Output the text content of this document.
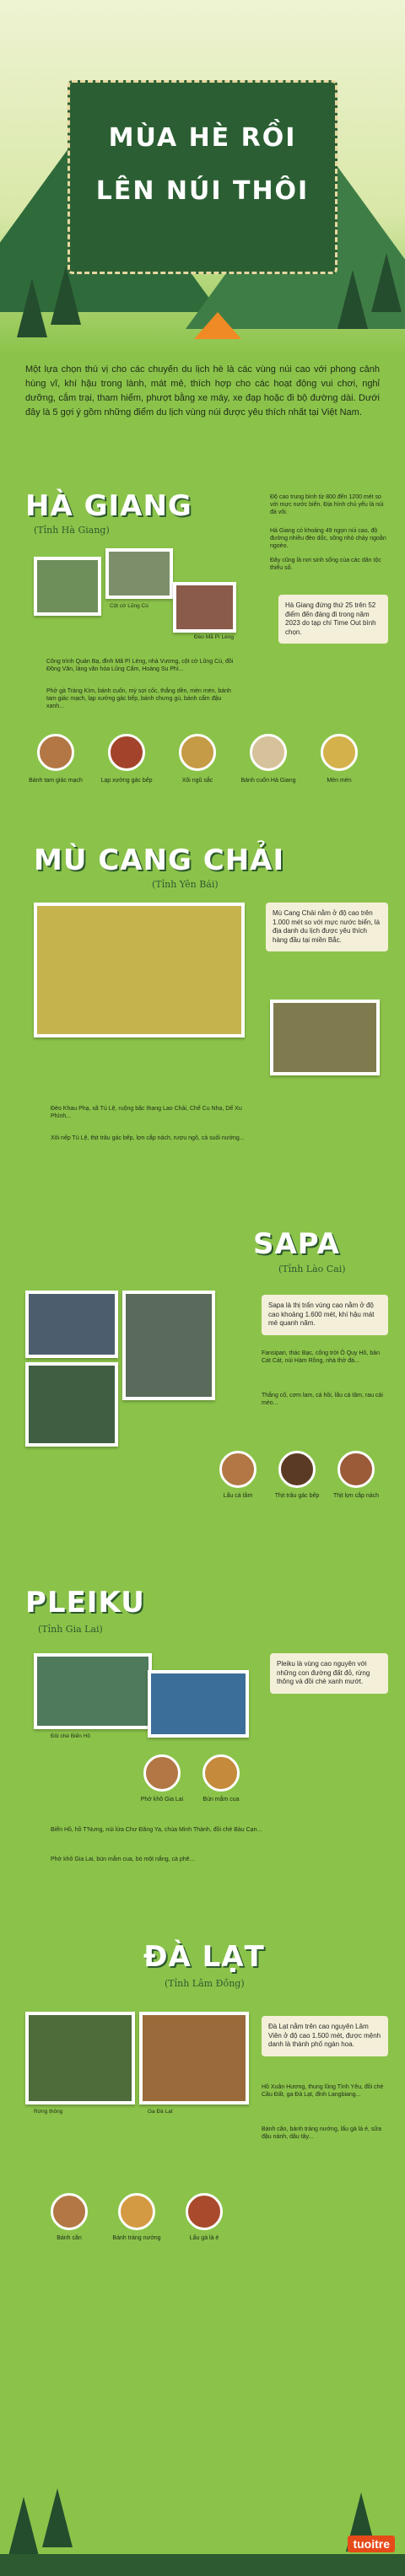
MÙA HÈ RỒI
LÊN NÚI THÔI

Một lựa chọn thú vị cho các chuyến du lịch hè là các vùng núi cao với phong cảnh hùng vĩ, khí hậu trong lành, mát mẻ, thích hợp cho các hoạt động vui chơi, nghỉ dưỡng, cắm trại, tham hiểm, phượt bằng xe máy, xe đạp hoặc đi bộ đường dài. Dưới đây là 5 gợi ý gồm những điểm du lịch vùng núi được yêu thích nhất tại Việt Nam.

HÀ GIANG
(Tỉnh Hà Giang)
Độ cao trung bình từ 800 đến 1200 mét so với mực nước biển. Địa hình chủ yếu là núi đá vôi.
Hà Giang có khoảng 49 ngọn núi cao, độ đường nhiều đèo dốc, sông nhỏ chảy ngoằn ngoèo.
Đây cũng là nơi sinh sống của các dân tộc thiểu số.
Cột cờ Lũng Cú
Đèo Mã Pì Lèng
Hà Giang đứng thứ 25 trên 52 điểm đến đáng đi trong năm 2023 do tạp chí Time Out bình chọn.
Công trình Quản Bạ, đỉnh Mã Pì Lèng, nhà Vương, cột cờ Lũng Cú, đồi Đồng Văn, làng văn hóa Lũng Cẩm, Hoàng Su Phì...
Phở gà Tràng Kìm, bánh cuốn, mỳ sợi cốc, thắng dền, mèn mén, bánh tam giác mạch, lạp xưởng gác bếp, bánh chưng gù, bánh cẩm đậu xanh...
Bánh tam giác mạch	Lạp xưởng gác bếp	Xôi ngũ sắc	Bánh cuốn Hà Giang	Mèn mén
MÙ CANG CHẢI
(Tỉnh Yên Bái)
Mù Cang Chải nằm ở độ cao trên 1.000 mét so với mực nước biển, là địa danh du lịch được yêu thích hàng đầu tại miền Bắc.
Đèo Khau Phạ, xã Tú Lệ, ruộng bậc thang Lao Chải, Chế Cu Nha, Dế Xu Phình...
Xôi nếp Tú Lệ, thịt trâu gác bếp, lợn cắp nách, rượu ngô, cá suối nướng...
SAPA
(Tỉnh Lào Cai)
Sapa là thị trấn vùng cao nằm ở độ cao khoảng 1.600 mét, khí hậu mát mẻ quanh năm.
Fansipan, thác Bạc, cổng trời Ô Quy Hồ, bản Cát Cát, núi Hàm Rồng, nhà thờ đá...
Thắng cố, cơm lam, cá hồi, lẩu cá tầm, rau cải mèo...
Lẩu cá tầm	Thịt trâu gác bếp	Thịt lợn cắp nách
PLEIKU
(Tỉnh Gia Lai)
Đồi chè Biển Hồ
Pleiku là vùng cao nguyên với những con đường đất đỏ, rừng thông và đồi chè xanh mướt.
Phở khô Gia Lai	Bún mắm cua
Biển Hồ, hồ T'Nưng, núi lửa Chư Đăng Ya, chùa Minh Thành, đồi chè Bàu Cạn...
Phở khô Gia Lai, bún mắm cua, bò một nắng, cà phê...
ĐÀ LẠT
(Tỉnh Lâm Đồng)
Rừng thông	Ga Đà Lạt
Đà Lạt nằm trên cao nguyên Lâm Viên ở độ cao 1.500 mét, được mệnh danh là thành phố ngàn hoa.
Hồ Xuân Hương, thung lũng Tình Yêu, đồi chè Cầu Đất, ga Đà Lạt, đỉnh Langbiang...
Bánh căn, bánh tráng nướng, lẩu gà lá é, sữa đậu nành, dâu tây...
Bánh căn	Bánh tráng nướng	Lẩu gà lá é
tuoitre
